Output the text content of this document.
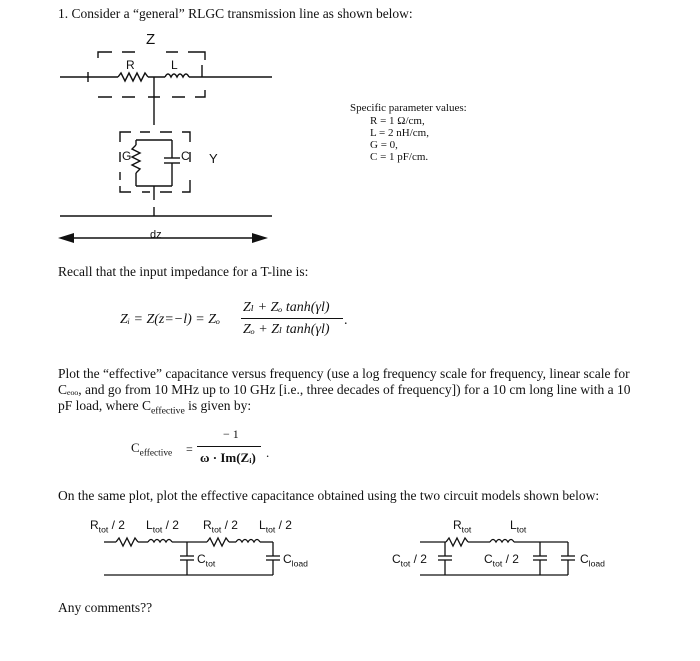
1. Consider a “general” RLGC transmission line as shown below:
Z
R	L
G	C Y
dz
Specific parameter values:
R = 1 Ω/cm,
L = 2 nH/cm,
G = 0,
C = 1 pF/cm.
Recall that the input impedance for a T-line is:
Zᵢ = Z(z=−l) = Zₒ
Zₗ + Zₒ tanh(γl)
Zₒ + Zₗ tanh(γl)
.
Plot the “effective” capacitance versus frequency (use a log frequency scale for frequency, linear scale for
Cₑₒₒ, and go from 10 MHz up to 10 GHz [i.e., three decades of frequency]) for a 10 cm long line with a 10
pF load, where $C_{effective}$ is given by:
$C_{effective}$ =
− 1
ω · Im(Zᵢ) .
On the same plot, plot the effective capacitance obtained using the two circuit models shown below:
$R_{tot} / 2$ $L_{tot} / 2$ $R_{tot} / 2$ $L_{tot} / 2$
$C_{tot}$	$C_{load}$
$R_{tot}$	$L_{tot}$
$C_{tot} / 2$	$C_{tot} / 2$	$C_{load}$
Any comments??
